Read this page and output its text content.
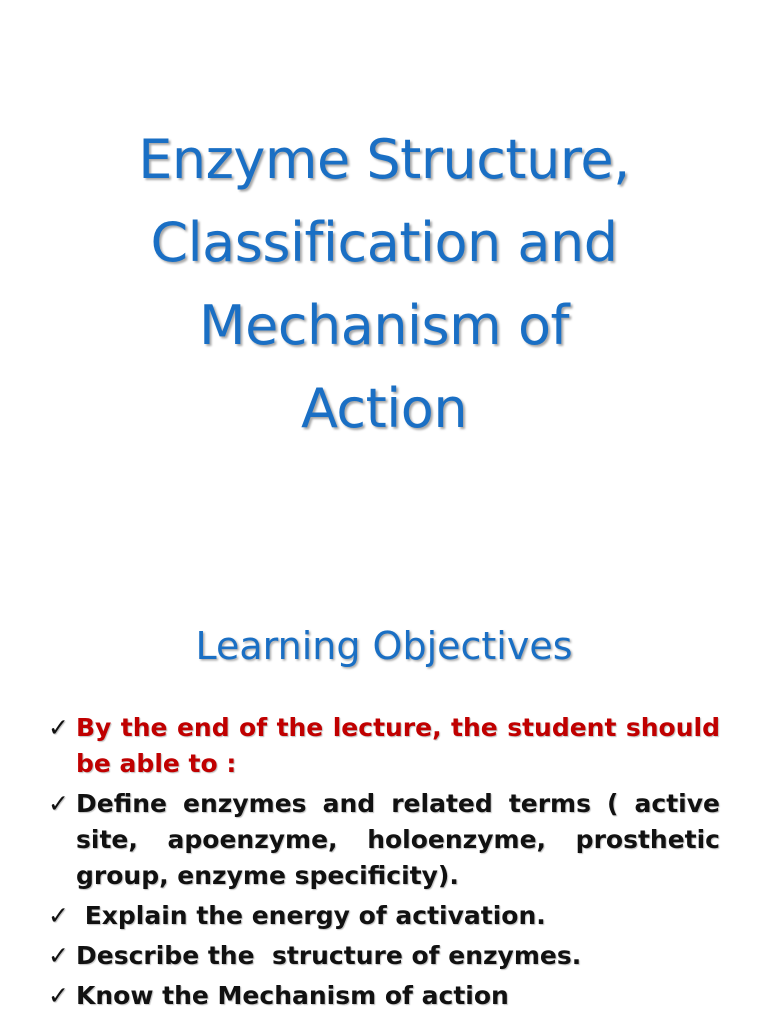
Enzyme Structure,
Classification and
Mechanism of
Action
Learning Objectives
✓ By the end of the lecture, the student should be able to :
✓ Define enzymes and related terms ( active site, apoenzyme, holoenzyme, prosthetic group, enzyme specificity).
✓ Explain the energy of activation.
✓ Describe the  structure of enzymes.
✓ Know the Mechanism of action
